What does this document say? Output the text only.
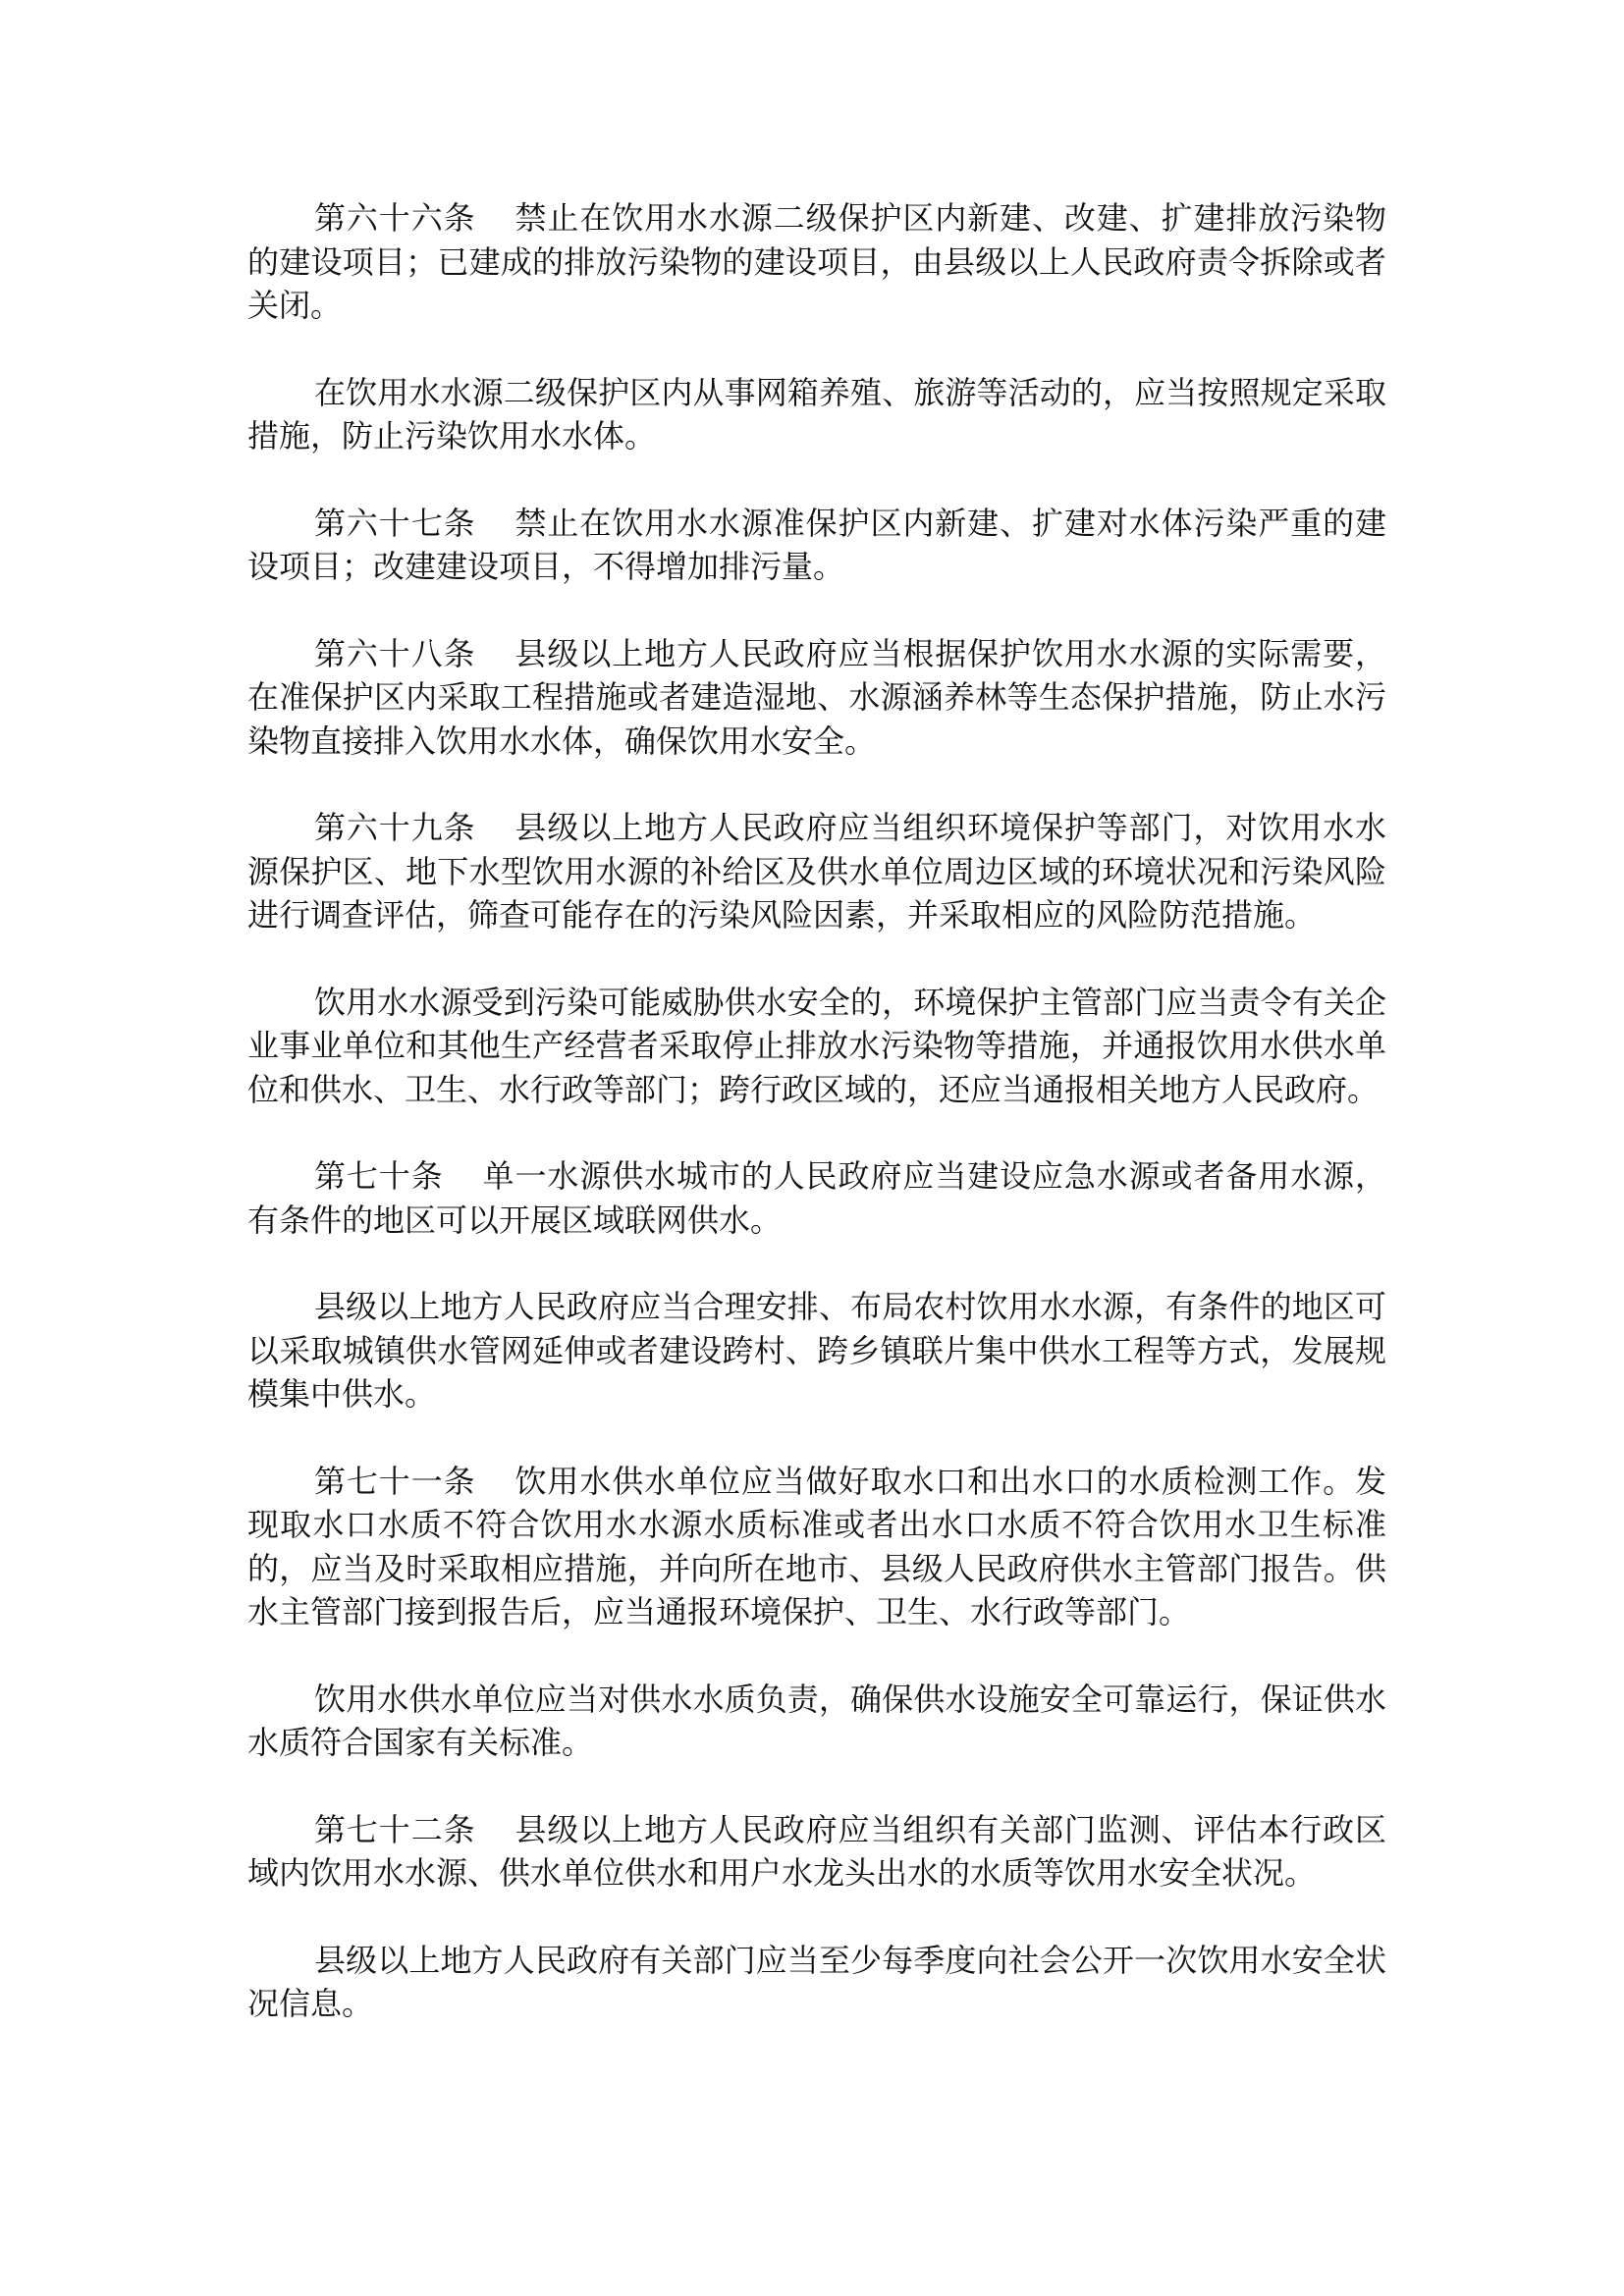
第六十六条 禁止在饮用水水源二级保护区内新建、改建、扩建排放污染物的建设项目；已建成的排放污染物的建设项目，由县级以上人民政府责令拆除或者关闭。

在饮用水水源二级保护区内从事网箱养殖、旅游等活动的，应当按照规定采取措施，防止污染饮用水水体。

第六十七条 禁止在饮用水水源准保护区内新建、扩建对水体污染严重的建设项目；改建建设项目，不得增加排污量。

第六十八条 县级以上地方人民政府应当根据保护饮用水水源的实际需要，在准保护区内采取工程措施或者建造湿地、水源涵养林等生态保护措施，防止水污染物直接排入饮用水水体，确保饮用水安全。

第六十九条 县级以上地方人民政府应当组织环境保护等部门，对饮用水水源保护区、地下水型饮用水源的补给区及供水单位周边区域的环境状况和污染风险进行调查评估，筛查可能存在的污染风险因素，并采取相应的风险防范措施。

饮用水水源受到污染可能威胁供水安全的，环境保护主管部门应当责令有关企业事业单位和其他生产经营者采取停止排放水污染物等措施，并通报饮用水供水单位和供水、卫生、水行政等部门；跨行政区域的，还应当通报相关地方人民政府。

第七十条 单一水源供水城市的人民政府应当建设应急水源或者备用水源，有条件的地区可以开展区域联网供水。

县级以上地方人民政府应当合理安排、布局农村饮用水水源，有条件的地区可以采取城镇供水管网延伸或者建设跨村、跨乡镇联片集中供水工程等方式，发展规模集中供水。

第七十一条 饮用水供水单位应当做好取水口和出水口的水质检测工作。发现取水口水质不符合饮用水水源水质标准或者出水口水质不符合饮用水卫生标准的，应当及时采取相应措施，并向所在地市、县级人民政府供水主管部门报告。供水主管部门接到报告后，应当通报环境保护、卫生、水行政等部门。

饮用水供水单位应当对供水水质负责，确保供水设施安全可靠运行，保证供水水质符合国家有关标准。

第七十二条 县级以上地方人民政府应当组织有关部门监测、评估本行政区域内饮用水水源、供水单位供水和用户水龙头出水的水质等饮用水安全状况。

县级以上地方人民政府有关部门应当至少每季度向社会公开一次饮用水安全状况信息。
